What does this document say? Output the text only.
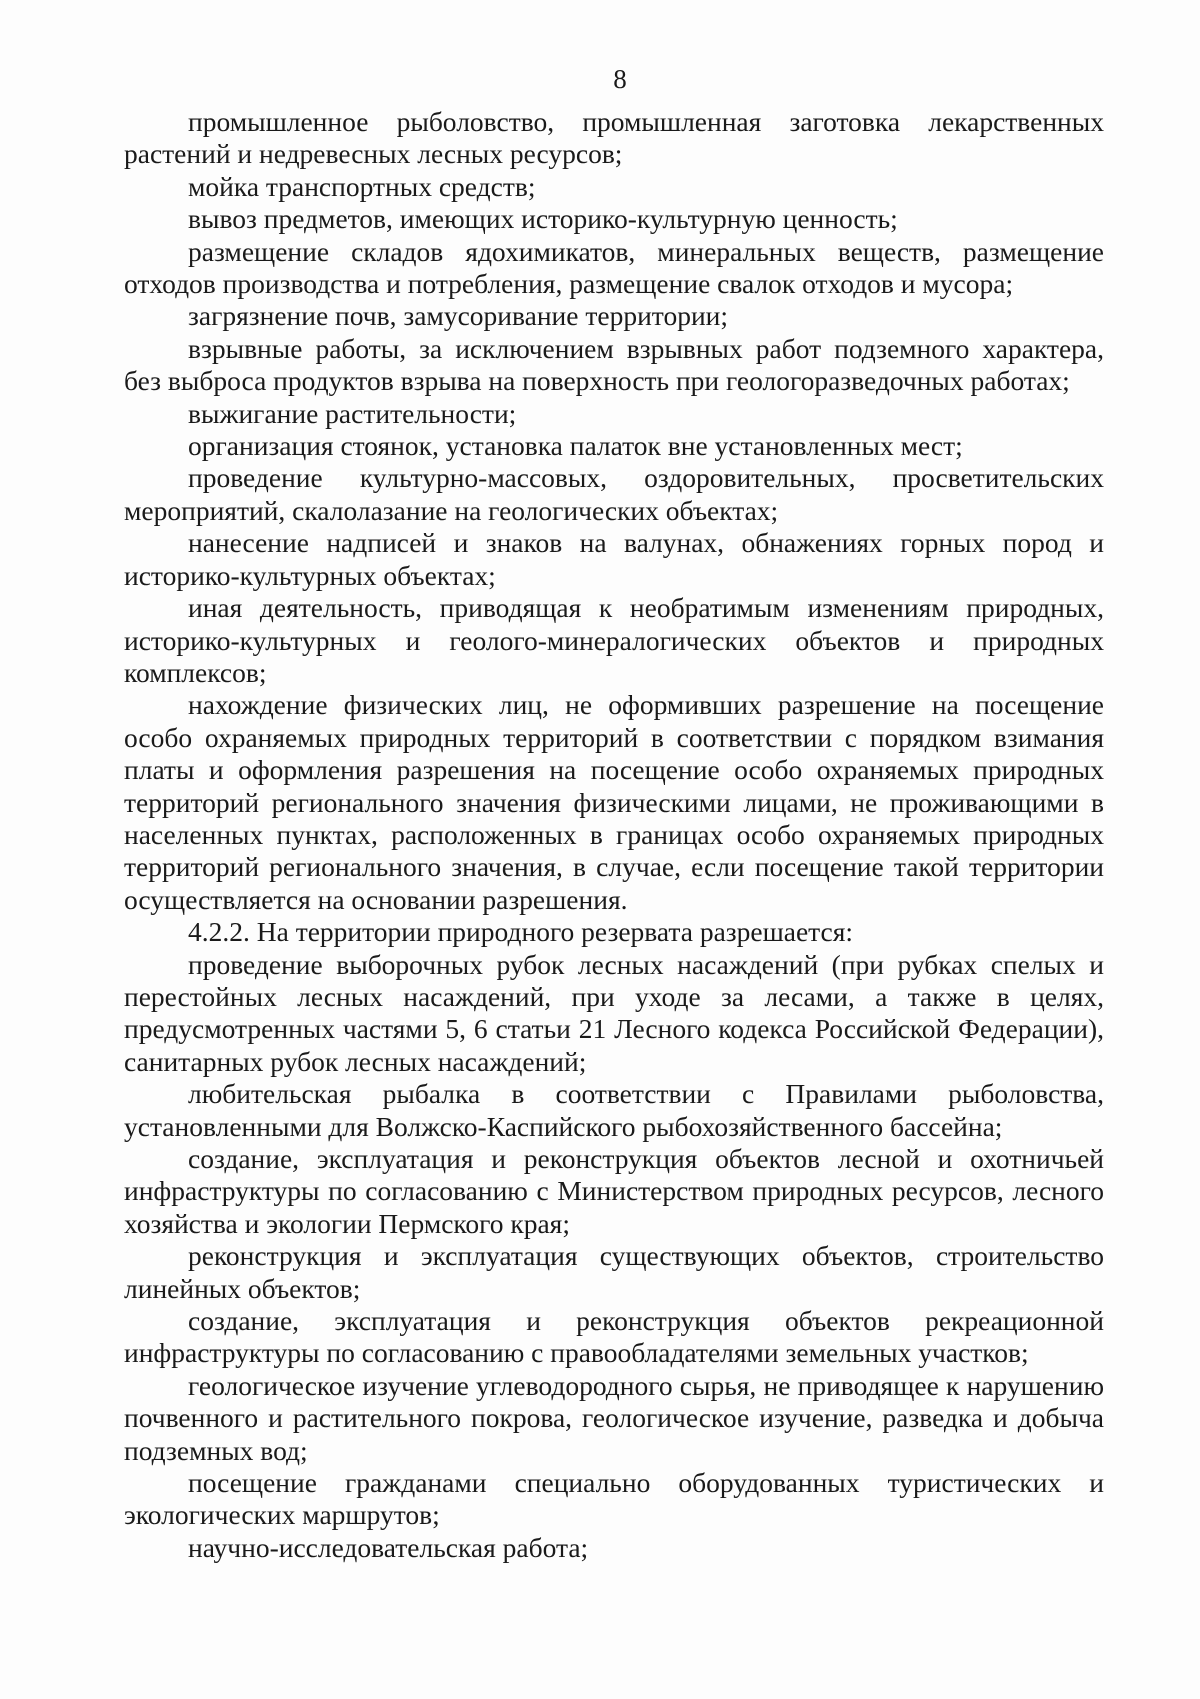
8

промышленное рыболовство, промышленная заготовка лекарственных растений и недревесных лесных ресурсов;

мойка транспортных средств;

вывоз предметов, имеющих историко-культурную ценность;

размещение складов ядохимикатов, минеральных веществ, размещение отходов производства и потребления, размещение свалок отходов и мусора;

загрязнение почв, замусоривание территории;

взрывные работы, за исключением взрывных работ подземного характера, без выброса продуктов взрыва на поверхность при геологоразведочных работах;

выжигание растительности;

организация стоянок, установка палаток вне установленных мест;

проведение культурно-массовых, оздоровительных, просветительских мероприятий, скалолазание на геологических объектах;

нанесение надписей и знаков на валунах, обнажениях горных пород и историко-культурных объектах;

иная деятельность, приводящая к необратимым изменениям природных, историко-культурных и геолого-минералогических объектов и природных комплексов;

нахождение физических лиц, не оформивших разрешение на посещение особо охраняемых природных территорий в соответствии с порядком взимания платы и оформления разрешения на посещение особо охраняемых природных территорий регионального значения физическими лицами, не проживающими в населенных пунктах, расположенных в границах особо охраняемых природных территорий регионального значения, в случае, если посещение такой территории осуществляется на основании разрешения.

4.2.2. На территории природного резервата разрешается:

проведение выборочных рубок лесных насаждений (при рубках спелых и перестойных лесных насаждений, при уходе за лесами, а также в целях, предусмотренных частями 5, 6 статьи 21 Лесного кодекса Российской Федерации), санитарных рубок лесных насаждений;

любительская рыбалка в соответствии с Правилами рыболовства, установленными для Волжско-Каспийского рыбохозяйственного бассейна;

создание, эксплуатация и реконструкция объектов лесной и охотничьей инфраструктуры по согласованию с Министерством природных ресурсов, лесного хозяйства и экологии Пермского края;

реконструкция и эксплуатация существующих объектов, строительство линейных объектов;

создание, эксплуатация и реконструкция объектов рекреационной инфраструктуры по согласованию с правообладателями земельных участков;

геологическое изучение углеводородного сырья, не приводящее к нарушению почвенного и растительного покрова, геологическое изучение, разведка и добыча подземных вод;

посещение гражданами специально оборудованных туристических и экологических маршрутов;

научно-исследовательская работа;
